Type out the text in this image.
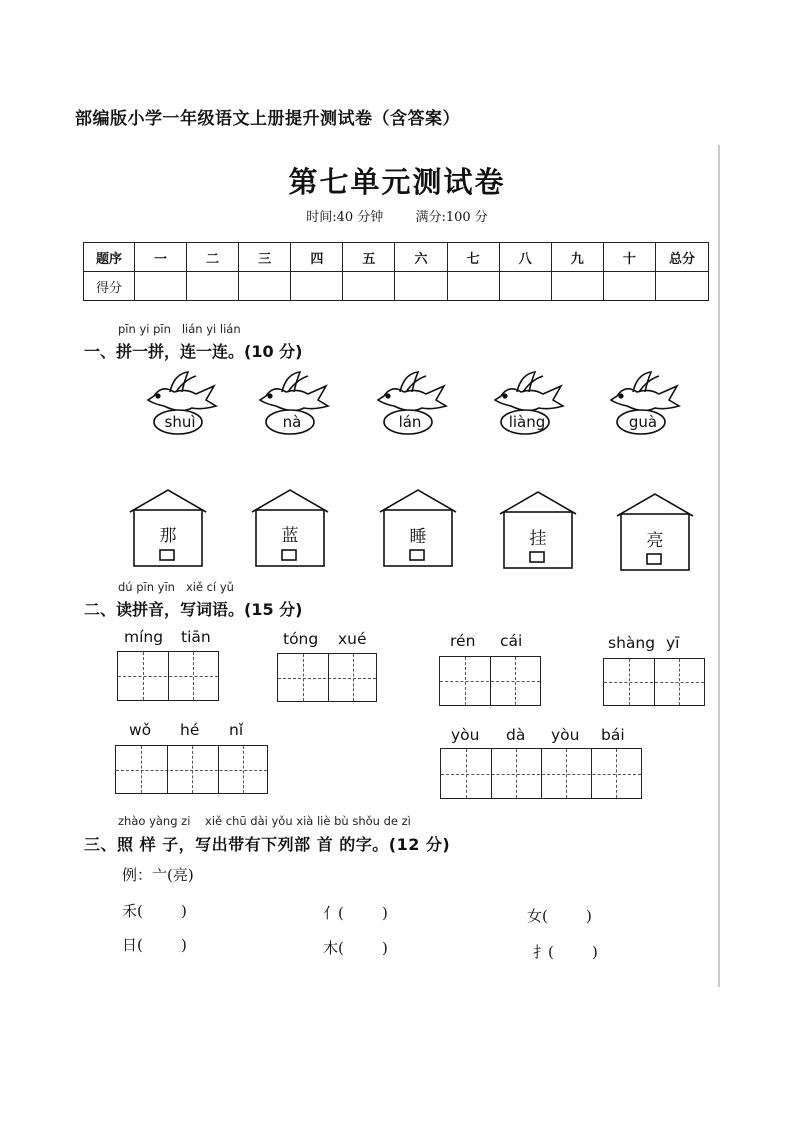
部编版小学一年级语文上册提升测试卷（含答案）
第七单元测试卷
时间:40 分钟 满分:100 分
题序	一	二	三	四	五	六	七	八	九	十	总分
得分											
pīn yi pīn   lián yi lián
一、拼一拼，连一连。(10 分)
shuì	nà	lán	liàng	guà
那	蓝	睡	挂	亮
dú pīn yīn   xiě cí yǔ
二、读拼音，写词语。(15 分)
míng tiān	tóng xué	rén cái	shàng yī
wǒ hé nǐ	yòu dà yòu bái
zhào yàng zi    xiě chū dài yǒu xià liè bù shǒu de zì
三、照 样 子，写出带有下列部 首 的字。(12 分)
例：亠(亮)
禾(        )	亻(        )	女(        )
日(        )	木(        )	扌(        )
